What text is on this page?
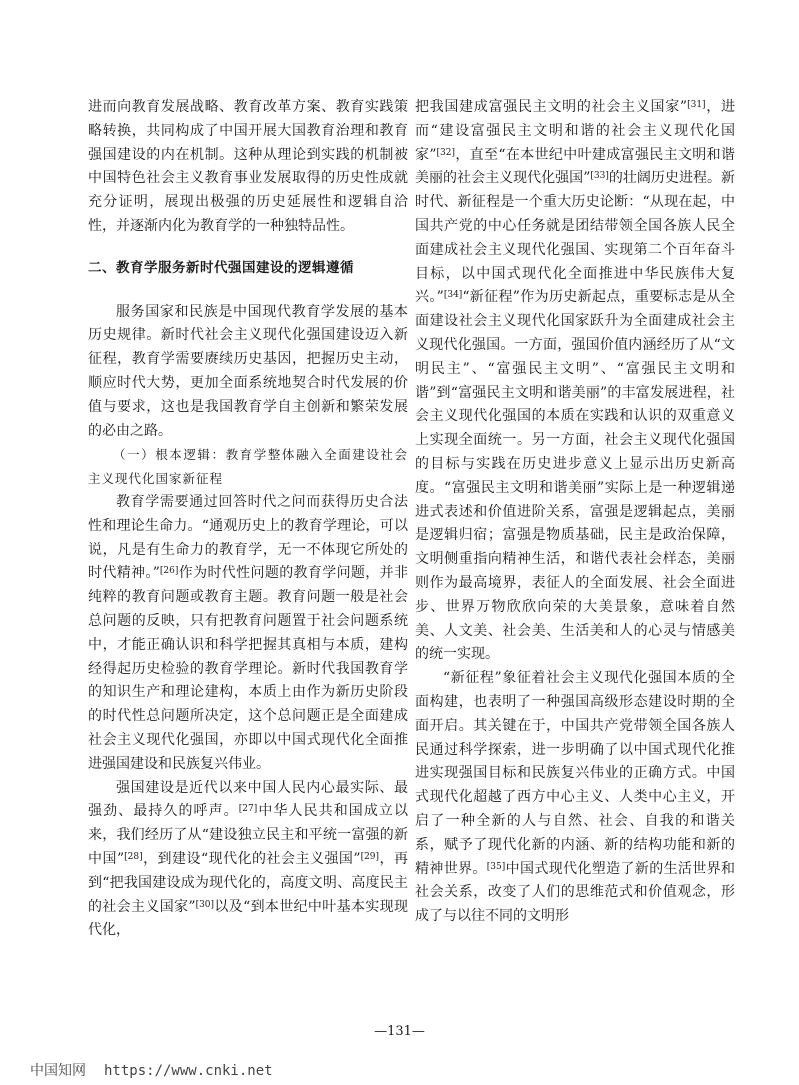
进而向教育发展战略、教育改革方案、教育实践策略转换，共同构成了中国开展大国教育治理和教育强国建设的内在机制。这种从理论到实践的机制被中国特色社会主义教育事业发展取得的历史性成就充分证明，展现出极强的历史延展性和逻辑自洽性，并逐渐内化为教育学的一种独特品性。

二、教育学服务新时代强国建设的逻辑遵循

服务国家和民族是中国现代教育学发展的基本历史规律。新时代社会主义现代化强国建设迈入新征程，教育学需要赓续历史基因，把握历史主动，顺应时代大势，更加全面系统地契合时代发展的价值与要求，这也是我国教育学自主创新和繁荣发展的必由之路。

（一）根本逻辑：教育学整体融入全面建设社会主义现代化国家新征程

教育学需要通过回答时代之问而获得历史合法性和理论生命力。“通观历史上的教育学理论，可以说，凡是有生命力的教育学，无一不体现它所处的时代精神。”[26]作为时代性问题的教育学问题，并非纯粹的教育问题或教育主题。教育问题一般是社会总问题的反映，只有把教育问题置于社会问题系统中，才能正确认识和科学把握其真相与本质，建构经得起历史检验的教育学理论。新时代我国教育学的知识生产和理论建构，本质上由作为新历史阶段的时代性总问题所决定，这个总问题正是全面建成社会主义现代化强国，亦即以中国式现代化全面推进强国建设和民族复兴伟业。

强国建设是近代以来中国人民内心最实际、最强劲、最持久的呼声。[27]中华人民共和国成立以来，我们经历了从“建设独立民主和平统一富强的新中国”[28]，到建设“现代化的社会主义强国”[29]，再到“把我国建设成为现代化的，高度文明、高度民主的社会主义国家”[30]以及“到本世纪中叶基本实现现代化，

把我国建成富强民主文明的社会主义国家”[31]，进而“建设富强民主文明和谐的社会主义现代化国家”[32]，直至“在本世纪中叶建成富强民主文明和谐美丽的社会主义现代化强国”[33]的壮阔历史进程。新时代、新征程是一个重大历史论断：“从现在起，中国共产党的中心任务就是团结带领全国各族人民全面建成社会主义现代化强国、实现第二个百年奋斗目标，以中国式现代化全面推进中华民族伟大复兴。”[34]“新征程”作为历史新起点，重要标志是从全面建设社会主义现代化国家跃升为全面建成社会主义现代化强国。一方面，强国价值内涵经历了从“文明民主”、“富强民主文明”、“富强民主文明和谐”到“富强民主文明和谐美丽”的丰富发展进程，社会主义现代化强国的本质在实践和认识的双重意义上实现全面统一。另一方面，社会主义现代化强国的目标与实践在历史进步意义上显示出历史新高度。“富强民主文明和谐美丽”实际上是一种逻辑递进式表述和价值进阶关系，富强是逻辑起点，美丽是逻辑归宿；富强是物质基础，民主是政治保障，文明侧重指向精神生活，和谐代表社会样态，美丽则作为最高境界，表征人的全面发展、社会全面进步、世界万物欣欣向荣的大美景象，意味着自然美、人文美、社会美、生活美和人的心灵与情感美的统一实现。

“新征程”象征着社会主义现代化强国本质的全面构建，也表明了一种强国高级形态建设时期的全面开启。其关键在于，中国共产党带领全国各族人民通过科学探索，进一步明确了以中国式现代化推进实现强国目标和民族复兴伟业的正确方式。中国式现代化超越了西方中心主义、人类中心主义，开启了一种全新的人与自然、社会、自我的和谐关系，赋予了现代化新的内涵、新的结构功能和新的精神世界。[35]中国式现代化塑造了新的生活世界和社会关系，改变了人们的思维范式和价值观念，形成了与以往不同的文明形

—131—
中国知网 https://www.cnki.net
